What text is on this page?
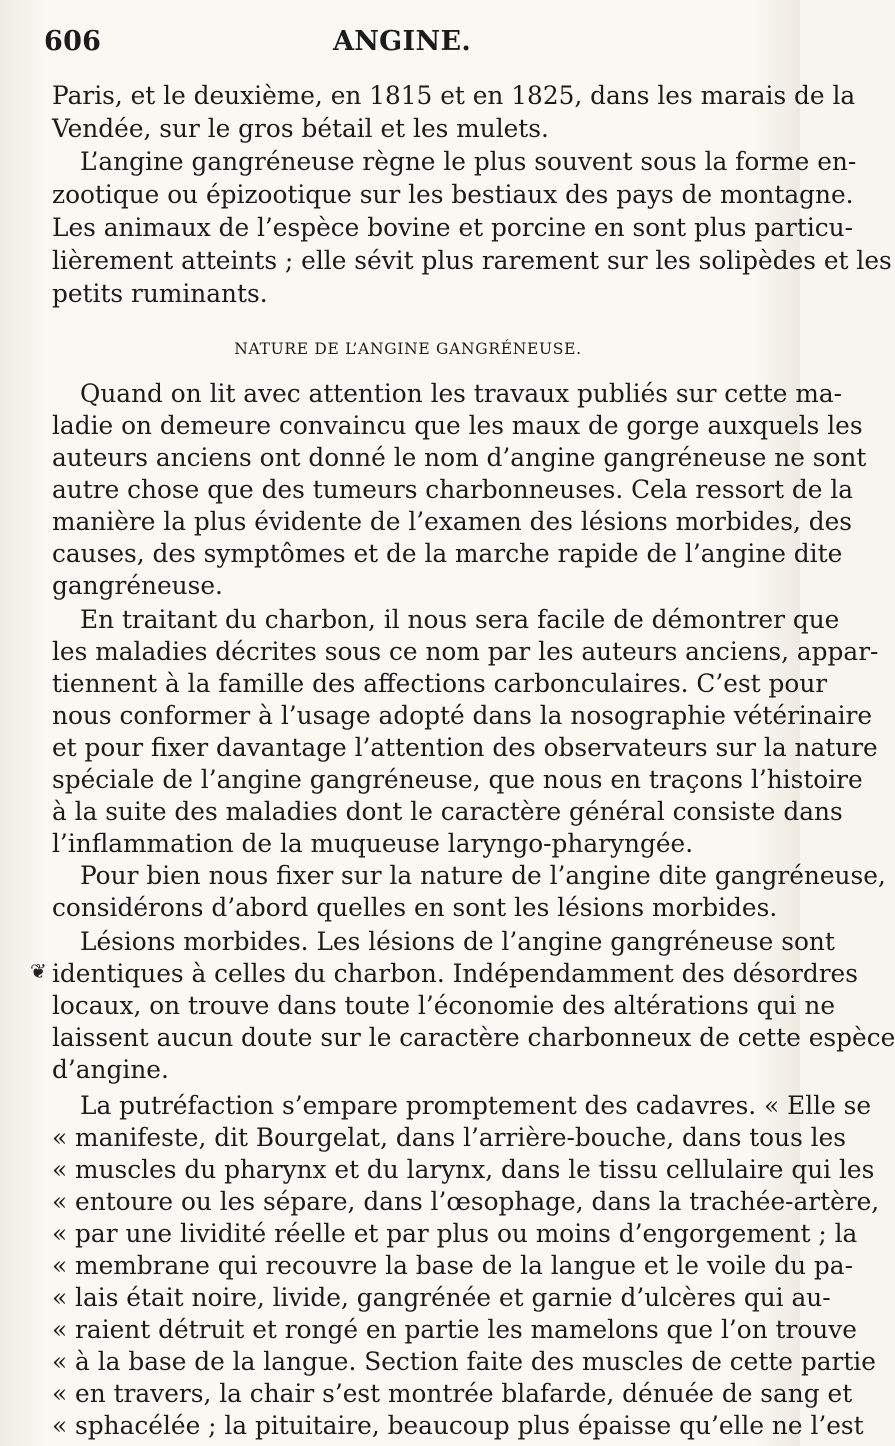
606	ANGINE.
Paris, et le deuxième, en 1815 et en 1825, dans les marais de la
Vendée, sur le gros bétail et les mulets.
L’angine gangréneuse règne le plus souvent sous la forme en-
zootique ou épizootique sur les bestiaux des pays de montagne.
Les animaux de l’espèce bovine et porcine en sont plus particu-
lièrement atteints ; elle sévit plus rarement sur les solipèdes et les
petits ruminants.
NATURE DE L’ANGINE GANGRÉNEUSE.
Quand on lit avec attention les travaux publiés sur cette ma-
ladie on demeure convaincu que les maux de gorge auxquels les
auteurs anciens ont donné le nom d’angine gangréneuse ne sont
autre chose que des tumeurs charbonneuses. Cela ressort de la
manière la plus évidente de l’examen des lésions morbides, des
causes, des symptômes et de la marche rapide de l’angine dite
gangréneuse.
En traitant du charbon, il nous sera facile de démontrer que
les maladies décrites sous ce nom par les auteurs anciens, appar-
tiennent à la famille des affections carbonculaires. C’est pour
nous conformer à l’usage adopté dans la nosographie vétérinaire
et pour fixer davantage l’attention des observateurs sur la nature
spéciale de l’angine gangréneuse, que nous en traçons l’histoire
à la suite des maladies dont le caractère général consiste dans
l’inflammation de la muqueuse laryngo-pharyngée.
Pour bien nous fixer sur la nature de l’angine dite gangréneuse,
considérons d’abord quelles en sont les lésions morbides.
Lésions morbides. Les lésions de l’angine gangréneuse sont
❦ identiques à celles du charbon. Indépendamment des désordres
locaux, on trouve dans toute l’économie des altérations qui ne
laissent aucun doute sur le caractère charbonneux de cette espèce
d’angine.
La putréfaction s’empare promptement des cadavres. « Elle se
« manifeste, dit Bourgelat, dans l’arrière-bouche, dans tous les
« muscles du pharynx et du larynx, dans le tissu cellulaire qui les
« entoure ou les sépare, dans l’œsophage, dans la trachée-artère,
« par une lividité réelle et par plus ou moins d’engorgement ; la
« membrane qui recouvre la base de la langue et le voile du pa-
« lais était noire, livide, gangrénée et garnie d’ulcères qui au-
« raient détruit et rongé en partie les mamelons que l’on trouve
« à la base de la langue. Section faite des muscles de cette partie
« en travers, la chair s’est montrée blafarde, dénuée de sang et
« sphacélée ; la pituitaire, beaucoup plus épaisse qu’elle ne l’est
